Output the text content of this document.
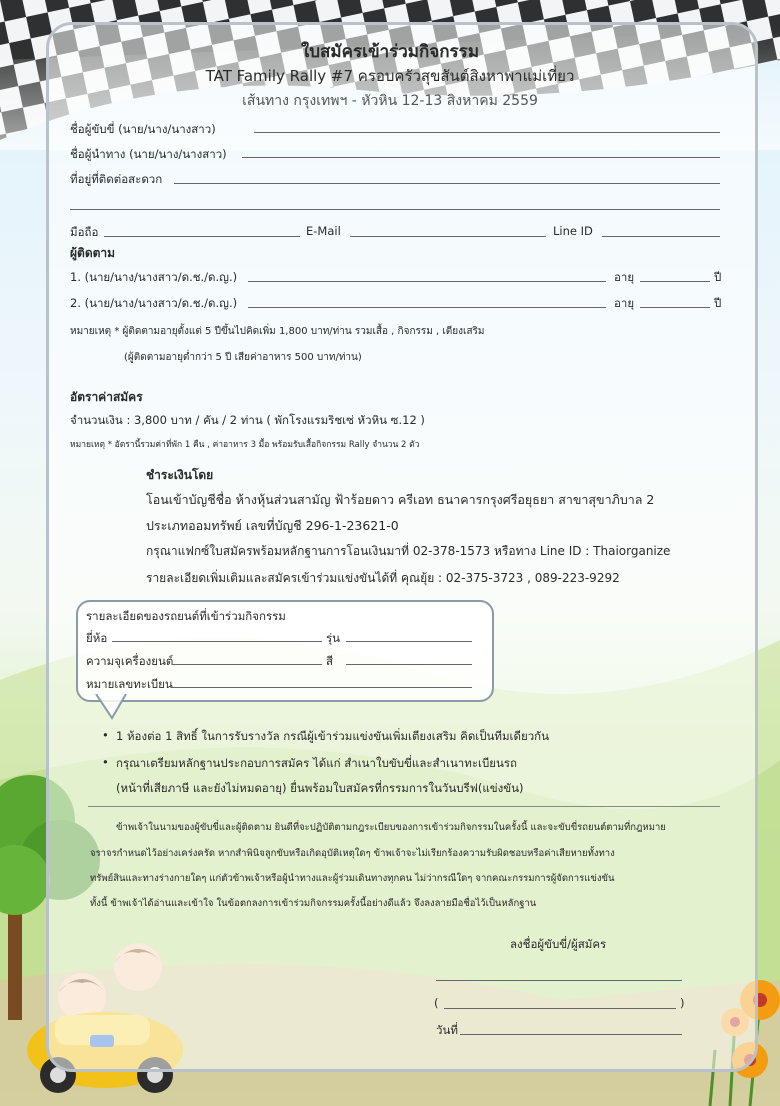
ใบสมัครเข้าร่วมกิจกรรม
TAT Family Rally #7 ครอบครัวสุขสันต์สิงหาพาแม่เที่ยว
เส้นทาง กรุงเทพฯ - หัวหิน 12-13 สิงหาคม 2559
ชื่อผู้ขับขี่ (นาย/นาง/นางสาว)
ชื่อผู้นำทาง (นาย/นาง/นางสาว)
ที่อยู่ที่ติดต่อสะดวก
มือถือ	E-Mail	Line ID
ผู้ติดตาม
1. (นาย/นาง/นางสาว/ด.ช./ด.ญ.)	อายุ	ปี
2. (นาย/นาง/นางสาว/ด.ช./ด.ญ.)	อายุ	ปี
หมายเหตุ * ผู้ติดตามอายุตั้งแต่ 5 ปีขึ้นไปคิดเพิ่ม 1,800 บาท/ท่าน รวมเสื้อ , กิจกรรม , เตียงเสริม
(ผู้ติดตามอายุต่ำกว่า 5 ปี เสียค่าอาหาร 500 บาท/ท่าน)
อัตราค่าสมัคร
จำนวนเงิน : 3,800 บาท / คัน / 2 ท่าน ( พักโรงแรมริชเซ่ หัวหิน ซ.12 )
หมายเหตุ * อัตรานี้รวมค่าที่พัก 1 คืน , ค่าอาหาร 3 มื้อ พร้อมรับเสื้อกิจกรรม Rally จำนวน 2 ตัว
ชำระเงินโดย
โอนเข้าบัญชีชื่อ ห้างหุ้นส่วนสามัญ ฟ้าร้อยดาว ครีเอท ธนาคารกรุงศรีอยุธยา สาขาสุขาภิบาล 2
ประเภทออมทรัพย์ เลขที่บัญชี 296-1-23621-0
กรุณาแฟกซ์ใบสมัครพร้อมหลักฐานการโอนเงินมาที่ 02-378-1573 หรือทาง Line ID : Thaiorganize
รายละเอียดเพิ่มเติมและสมัครเข้าร่วมแข่งขันได้ที่ คุณยุ้ย : 02-375-3723 , 089-223-9292
รายละเอียดของรถยนต์ที่เข้าร่วมกิจกรรม
ยี่ห้อ	รุ่น
ความจุเครื่องยนต์	สี
หมายเลขทะเบียน
• 1 ห้องต่อ 1 สิทธิ์ ในการรับรางวัล กรณีผู้เข้าร่วมแข่งขันเพิ่มเตียงเสริม คิดเป็นทีมเดียวกัน
• กรุณาเตรียมหลักฐานประกอบการสมัคร ได้แก่ สำเนาใบขับขี่และสำเนาทะเบียนรถ
(หน้าที่เสียภาษี และยังไม่หมดอายุ) ยื่นพร้อมใบสมัครที่กรรมการในวันบรีฟ(แข่งขัน)
ข้าพเจ้าในนามของผู้ขับขี่และผู้ติดตาม ยินดีที่จะปฏิบัติตามกฎระเบียบของการเข้าร่วมกิจกรรมในครั้งนี้ และจะขับขี่รถยนต์ตามที่กฎหมาย
จราจรกำหนดไว้อย่างเคร่งครัด หากสำพินิจลูกขับหรือเกิดอุบัติเหตุใดๆ ข้าพเจ้าจะไม่เรียกร้องความรับผิดชอบหรือค่าเสียหายทั้งทาง
ทรัพย์สินและทางร่างกายใดๆ แก่ตัวข้าพเจ้าหรือผู้นำทางและผู้ร่วมเดินทางทุกคน ไม่ว่ากรณีใดๆ จากคณะกรรมการผู้จัดการแข่งขัน
ทั้งนี้ ข้าพเจ้าได้อ่านและเข้าใจ ในข้อตกลงการเข้าร่วมกิจกรรมครั้งนี้อย่างดีแล้ว จึงลงลายมือชื่อไว้เป็นหลักฐาน
ลงชื่อผู้ขับขี่/ผู้สมัคร
(	)
วันที่
